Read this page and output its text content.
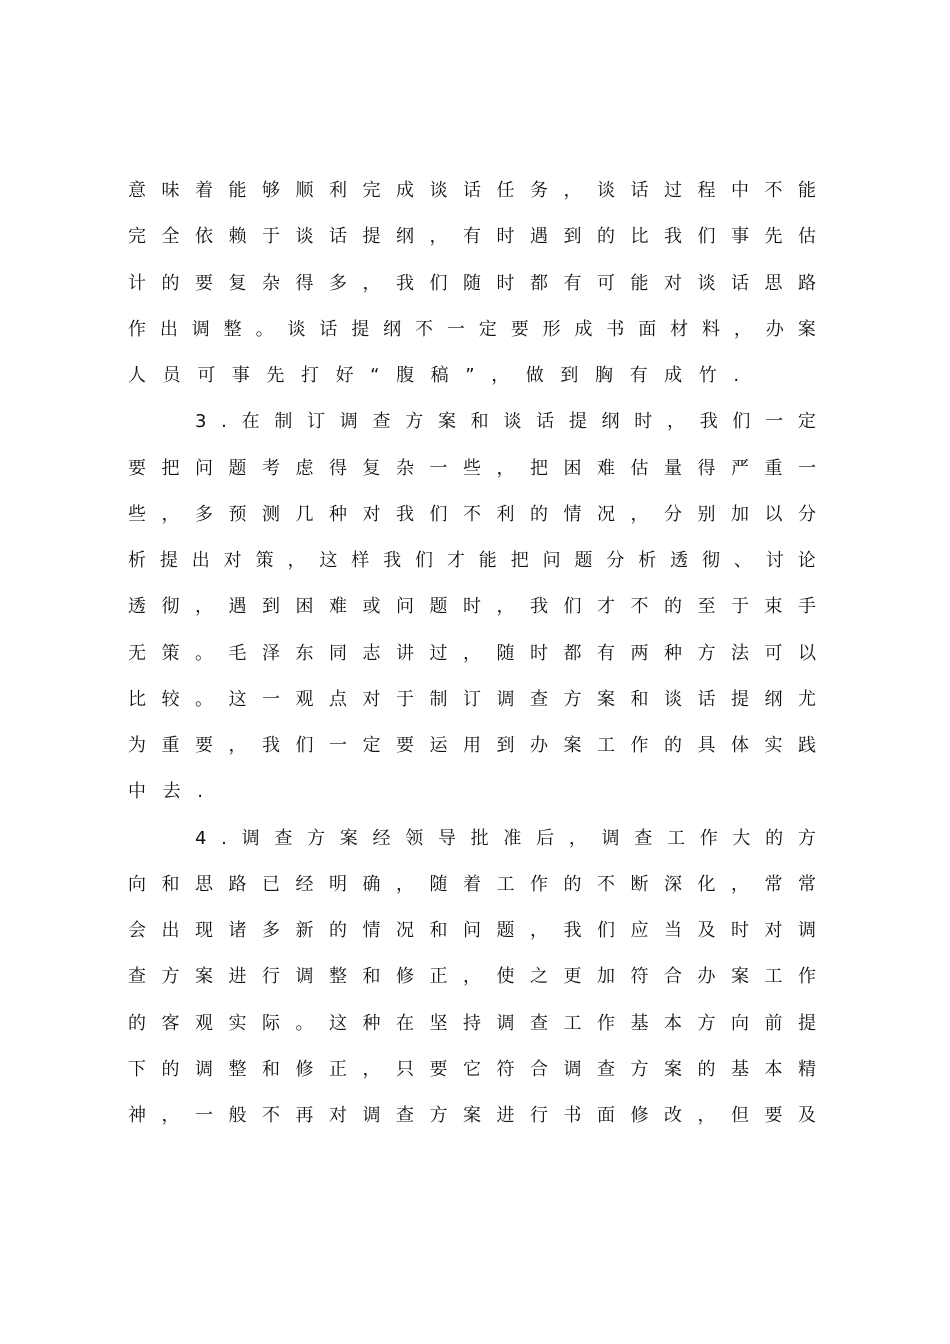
意 味 着 能 够 顺 利 完 成 谈 话 任 务 ， 谈 话 过 程 中 不 能
完 全 依 赖 于 谈 话 提 纲 ， 有 时 遇 到 的 比 我 们 事 先 估
计 的 要 复 杂 得 多 ， 我 们 随 时 都 有 可 能 对 谈 话 思 路
作 出 调 整 。 谈 话 提 纲 不 一 定 要 形 成 书 面 材 料 ， 办 案
人 员 可 事 先 打 好 “ 腹 稿 ” ， 做 到 胸 有 成 竹 .
3 . 在 制 订 调 查 方 案 和 谈 话 提 纲 时 ， 我 们 一 定
要 把 问 题 考 虑 得 复 杂 一 些 ， 把 困 难 估 量 得 严 重 一
些 ， 多 预 测 几 种 对 我 们 不 利 的 情 况 ， 分 别 加 以 分
析 提 出 对 策 ， 这 样 我 们 才 能 把 问 题 分 析 透 彻 、 讨 论
透 彻 ， 遇 到 困 难 或 问 题 时 ， 我 们 才 不 的 至 于 束 手
无 策 。 毛 泽 东 同 志 讲 过 ， 随 时 都 有 两 种 方 法 可 以
比 较 。 这 一 观 点 对 于 制 订 调 查 方 案 和 谈 话 提 纲 尤
为 重 要 ， 我 们 一 定 要 运 用 到 办 案 工 作 的 具 体 实 践
中 去 .
4 . 调 查 方 案 经 领 导 批 准 后 ， 调 查 工 作 大 的 方
向 和 思 路 已 经 明 确 ， 随 着 工 作 的 不 断 深 化 ， 常 常
会 出 现 诸 多 新 的 情 况 和 问 题 ， 我 们 应 当 及 时 对 调
查 方 案 进 行 调 整 和 修 正 ， 使 之 更 加 符 合 办 案 工 作
的 客 观 实 际 。 这 种 在 坚 持 调 查 工 作 基 本 方 向 前 提
下 的 调 整 和 修 正 ， 只 要 它 符 合 调 查 方 案 的 基 本 精
神 ， 一 般 不 再 对 调 查 方 案 进 行 书 面 修 改 ， 但 要 及
